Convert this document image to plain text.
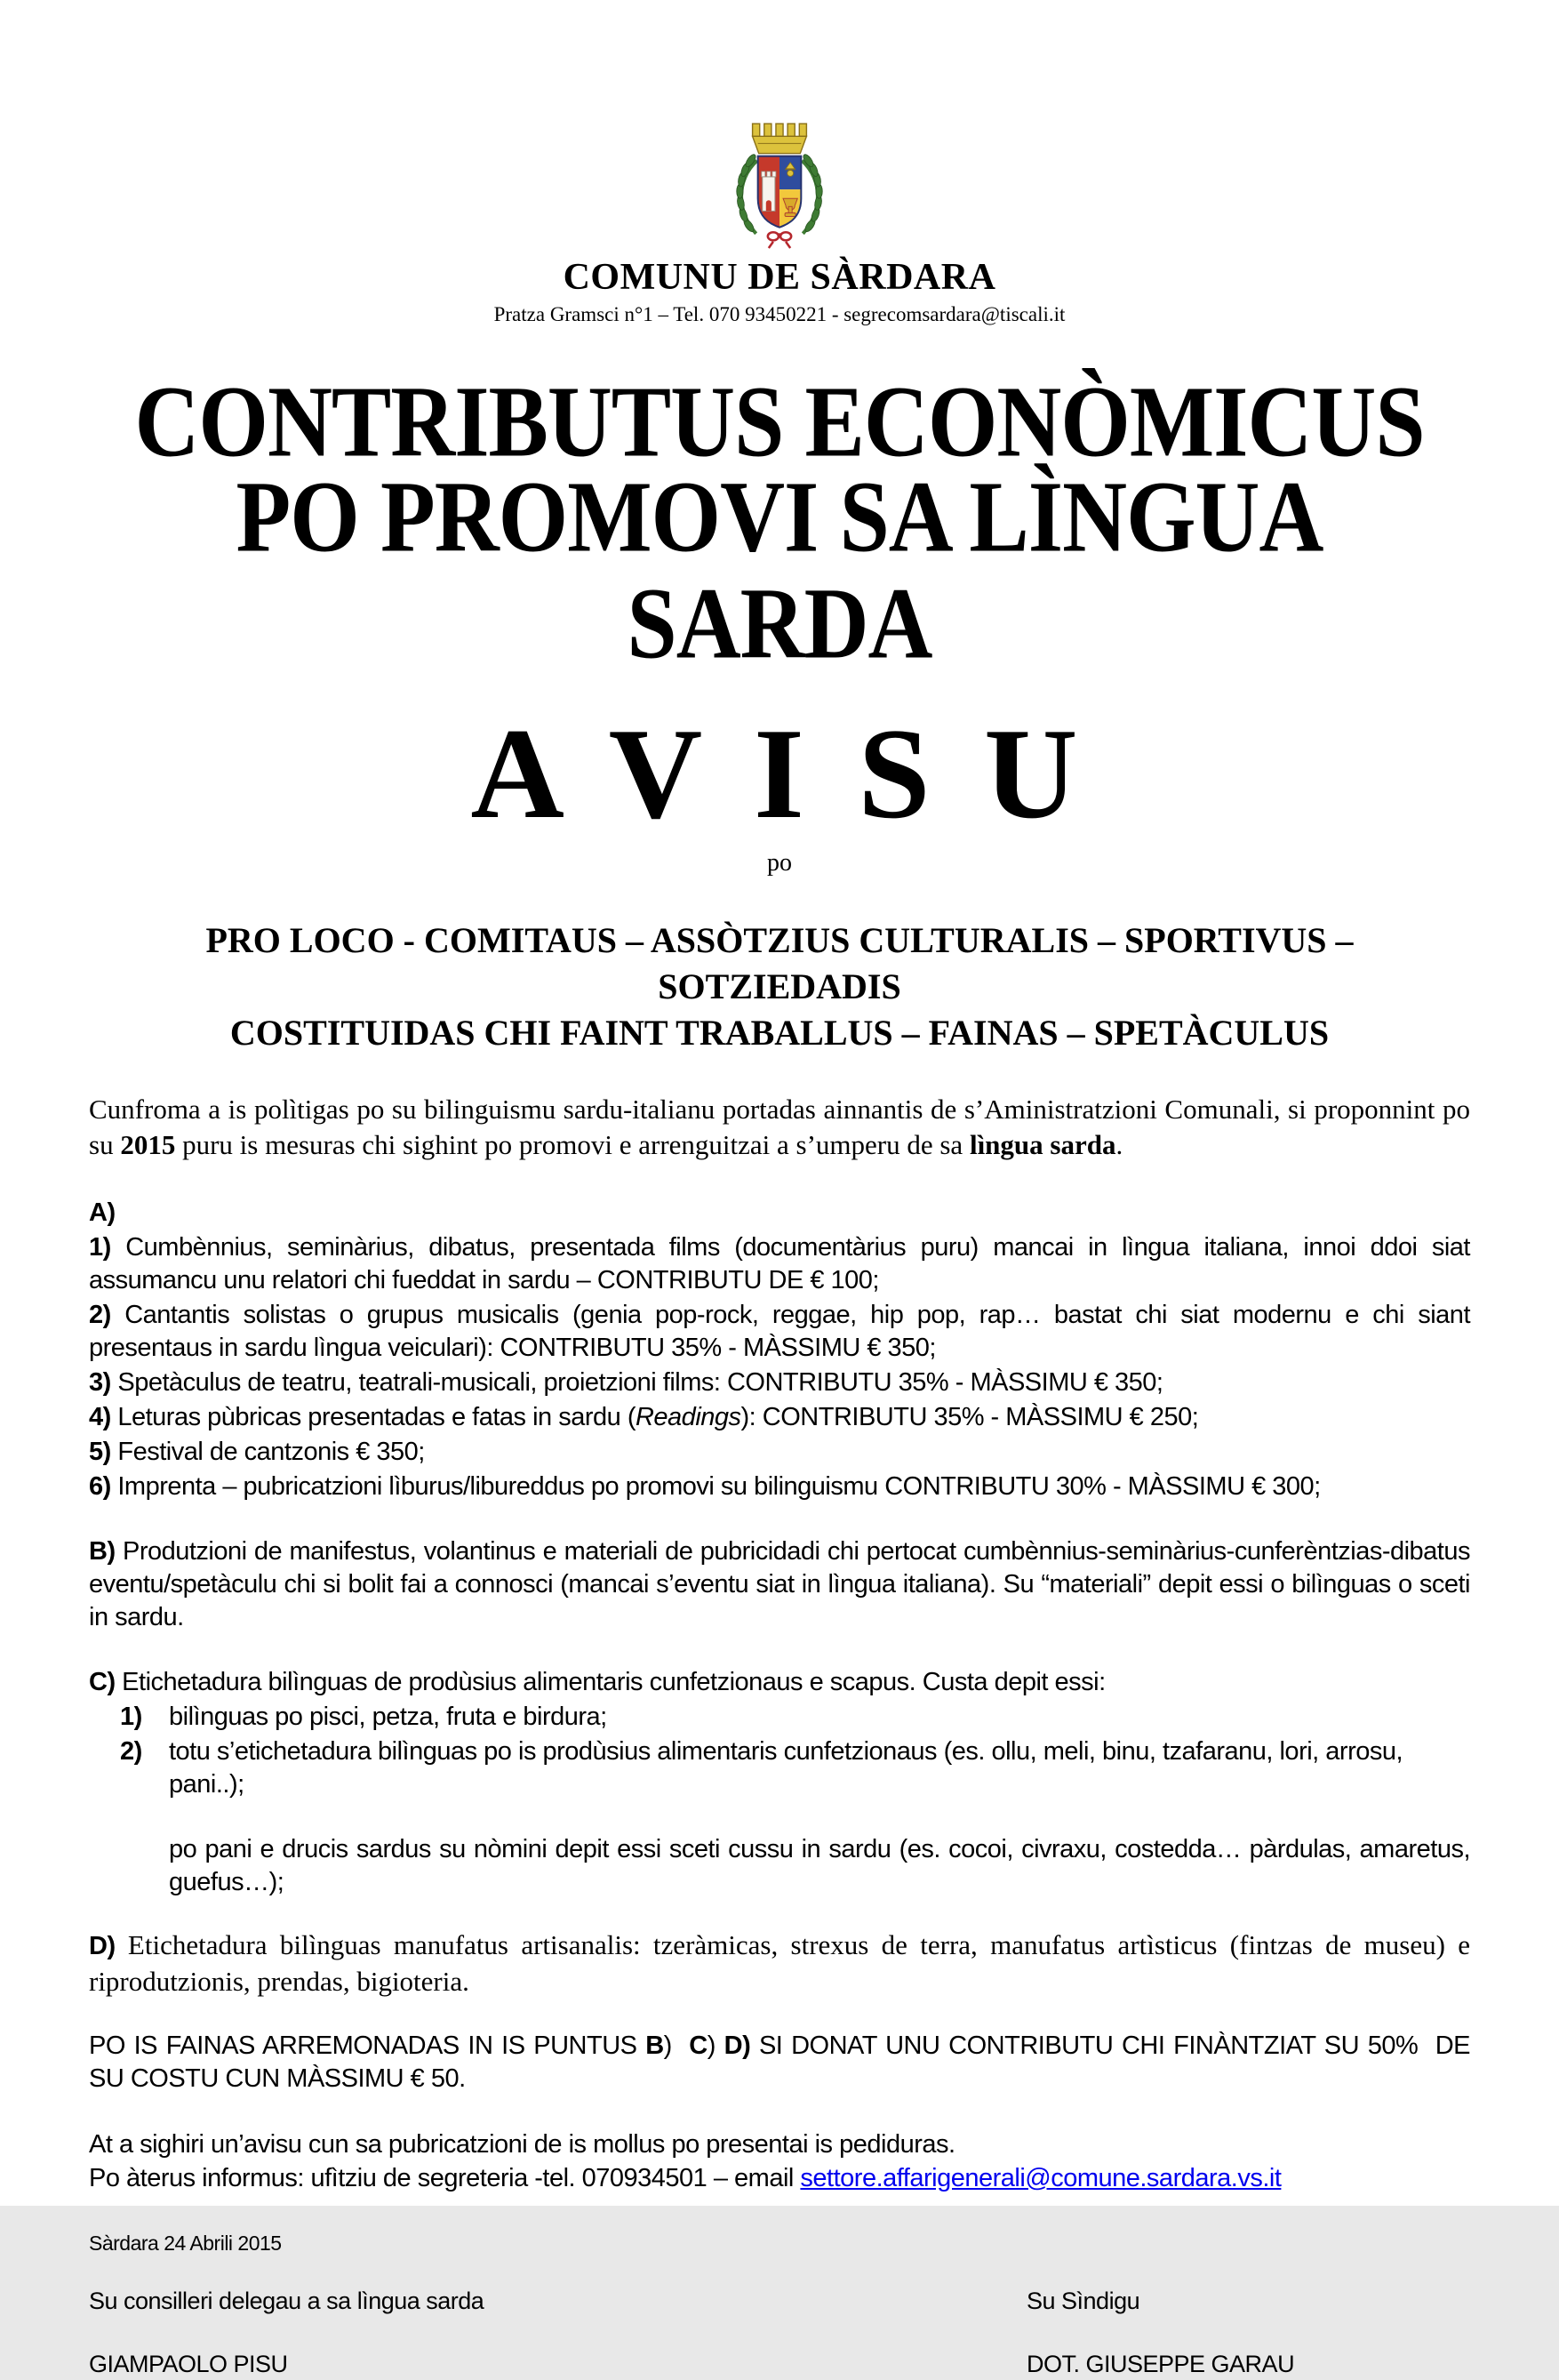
COMUNU DE SÀRDARA
Pratza Gramsci n°1 – Tel. 070 93450221 - segrecomsardara@tiscali.it
CONTRIBUTUS ECONÒMICUS
PO PROMOVI SA LÌNGUA SARDA
A V I S U
po
PRO LOCO - COMITAUS – ASSÒTZIUS CULTURALIS – SPORTIVUS – SOTZIEDADIS
COSTITUIDAS CHI FAINT TRABALLUS – FAINAS – SPETÀCULUS

Cunfroma a is polìtigas po su bilinguismu sardu-italianu portadas ainnantis de s’Aministratzioni Comunali, si proponnint po su 2015 puru is mesuras chi sighint po promovi e arrenguitzai a s’umperu de sa lìngua sarda.

A)

1) Cumbènnius, seminàrius, dibatus, presentada films (documentàrius puru) mancai in lìngua italiana, innoi ddoi siat assumancu unu relatori chi fueddat in sardu – CONTRIBUTU DE € 100;

2) Cantantis solistas o grupus musicalis (genia pop-rock, reggae, hip pop, rap… bastat chi siat modernu e chi siant presentaus in sardu lìngua veiculari): CONTRIBUTU 35% - MÀSSIMU € 350;

3) Spetàculus de teatru, teatrali-musicali, proietzioni films: CONTRIBUTU 35% - MÀSSIMU € 350;

4) Leturas pùbricas presentadas e fatas in sardu (Readings): CONTRIBUTU 35% - MÀSSIMU € 250;

5) Festival de cantzonis € 350;

6) Imprenta – pubricatzioni lìburus/libureddus po promovi su bilinguismu CONTRIBUTU 30% - MÀSSIMU € 300;

B) Produtzioni de manifestus, volantinus e materiali de pubricidadi chi pertocat cumbènnius-seminàrius-cunferèntzias-dibatus eventu/spetàculu chi si bolit fai a connosci (mancai s’eventu siat in lìngua italiana). Su “materiali” depit essi o bilìnguas o sceti in sardu.

C) Etichetadura bilìnguas de prodùsius alimentaris cunfetzionaus e scapus. Custa depit essi:

1) bilìnguas po pisci, petza, fruta e birdura;

2) totu s’etichetadura bilìnguas po is prodùsius alimentaris cunfetzionaus (es. ollu, meli, binu, tzafaranu, lori, arrosu, pani..);

po pani e drucis sardus su nòmini depit essi sceti cussu in sardu (es. cocoi, civraxu, costedda… pàrdulas, amaretus, guefus…);

D) Etichetadura bilìnguas manufatus artisanalis: tzeràmicas, strexus de terra, manufatus artìsticus (fintzas de museu) e riprodutzionis, prendas, bigioteria.

PO IS FAINAS ARREMONADAS IN IS PUNTUS B)  C) D) SI DONAT UNU CONTRIBUTU CHI FINÀNTZIAT SU 50%  DE SU COSTU CUN MÀSSIMU € 50.

At a sighiri un’avisu cun sa pubricatzioni de is mollus po presentai is pediduras.

Po àterus informus: ufìtziu de segreteria -tel. 070934501 – email settore.affarigenerali@comune.sardara.vs.it

Sàrdara 24 Abrili 2015

Su consilleri delegau a sa lìngua sarda	Su Sìndigu
GIAMPAOLO PISU	DOT. GIUSEPPE GARAU
